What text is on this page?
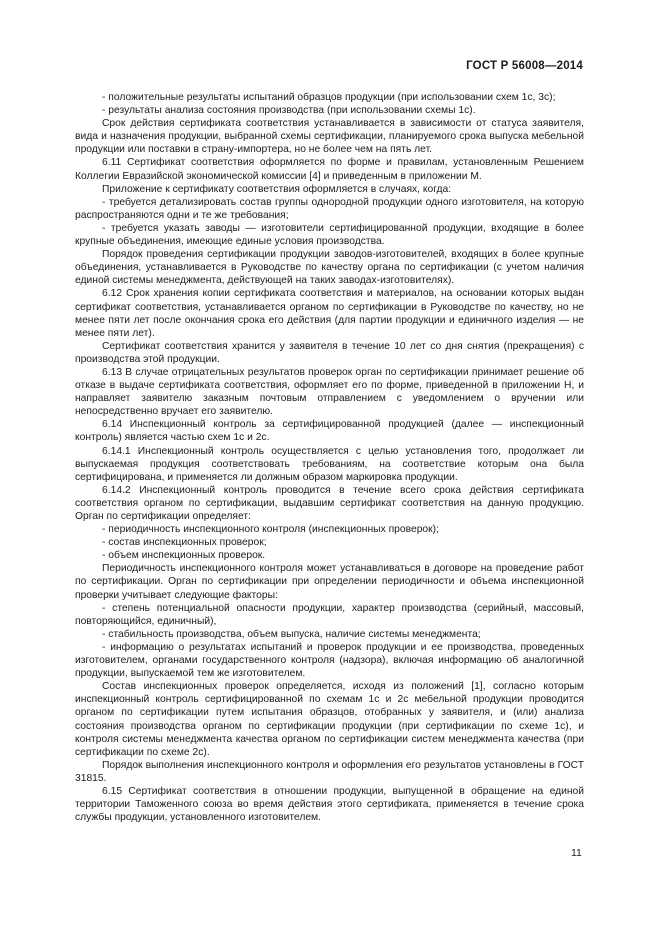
ГОСТ Р 56008—2014

- положительные результаты испытаний образцов продукции (при использовании схем 1с, 3с);

- результаты анализа состояния производства (при использовании схемы 1с).

Срок действия сертификата соответствия устанавливается в зависимости от статуса заявителя, вида и назначения продукции, выбранной схемы сертификации, планируемого срока выпуска мебельной продукции или поставки в страну-импортера, но не более чем на пять лет.

6.11 Сертификат соответствия оформляется по форме и правилам, установленным Решением Коллегии Евразийской экономической комиссии [4] и приведенным в приложении М.

Приложение к сертификату соответствия оформляется в случаях, когда:

- требуется детализировать состав группы однородной продукции одного изготовителя, на которую распространяются одни и те же требования;

- требуется указать заводы — изготовители сертифицированной продукции, входящие в более крупные объединения, имеющие единые условия производства.

Порядок проведения сертификации продукции заводов-изготовителей, входящих в более крупные объединения, устанавливается в Руководстве по качеству органа по сертификации (с учетом наличия единой системы менеджмента, действующей на таких заводах-изготовителях).

6.12 Срок хранения копии сертификата соответствия и материалов, на основании которых выдан сертификат соответствия, устанавливается органом по сертификации в Руководстве по качеству, но не менее пяти лет после окончания срока его действия (для партии продукции и единичного изделия — не менее пяти лет).

Сертификат соответствия хранится у заявителя в течение 10 лет со дня снятия (прекращения) с производства этой продукции.

6.13 В случае отрицательных результатов проверок орган по сертификации принимает решение об отказе в выдаче сертификата соответствия, оформляет его по форме, приведенной в приложении Н, и направляет заявителю заказным почтовым отправлением с уведомлением о вручении или непосредственно вручает его заявителю.

6.14 Инспекционный контроль за сертифицированной продукцией (далее — инспекционный контроль) является частью схем 1с и 2с.

6.14.1 Инспекционный контроль осуществляется с целью установления того, продолжает ли выпускаемая продукция соответствовать требованиям, на соответствие которым она была сертифицирована, и применяется ли должным образом маркировка продукции.

6.14.2 Инспекционный контроль проводится в течение всего срока действия сертификата соответствия органом по сертификации, выдавшим сертификат соответствия на данную продукцию. Орган по сертификации определяет:

- периодичность инспекционного контроля (инспекционных проверок);

- состав инспекционных проверок;

- объем инспекционных проверок.

Периодичность инспекционного контроля может устанавливаться в договоре на проведение работ по сертификации. Орган по сертификации при определении периодичности и объема инспекционной проверки учитывает следующие факторы:

- степень потенциальной опасности продукции, характер производства (серийный, массовый, повторяющийся, единичный),

- стабильность производства, объем выпуска, наличие системы менеджмента;

- информацию о результатах испытаний и проверок продукции и ее производства, проведенных изготовителем, органами государственного контроля (надзора), включая информацию об аналогичной продукции, выпускаемой тем же изготовителем.

Состав инспекционных проверок определяется, исходя из положений [1], согласно которым инспекционный контроль сертифицированной по схемам 1с и 2с мебельной продукции проводится органом по сертификации путем испытания образцов, отобранных у заявителя, и (или) анализа состояния производства органом по сертификации продукции (при сертификации по схеме 1с), и контроля системы менеджмента качества органом по сертификации систем менеджмента качества (при сертификации по схеме 2с).

Порядок выполнения инспекционного контроля и оформления его результатов установлены в ГОСТ 31815.

6.15 Сертификат соответствия в отношении продукции, выпущенной в обращение на единой территории Таможенного союза во время действия этого сертификата, применяется в течение срока службы продукции, установленного изготовителем.

11
